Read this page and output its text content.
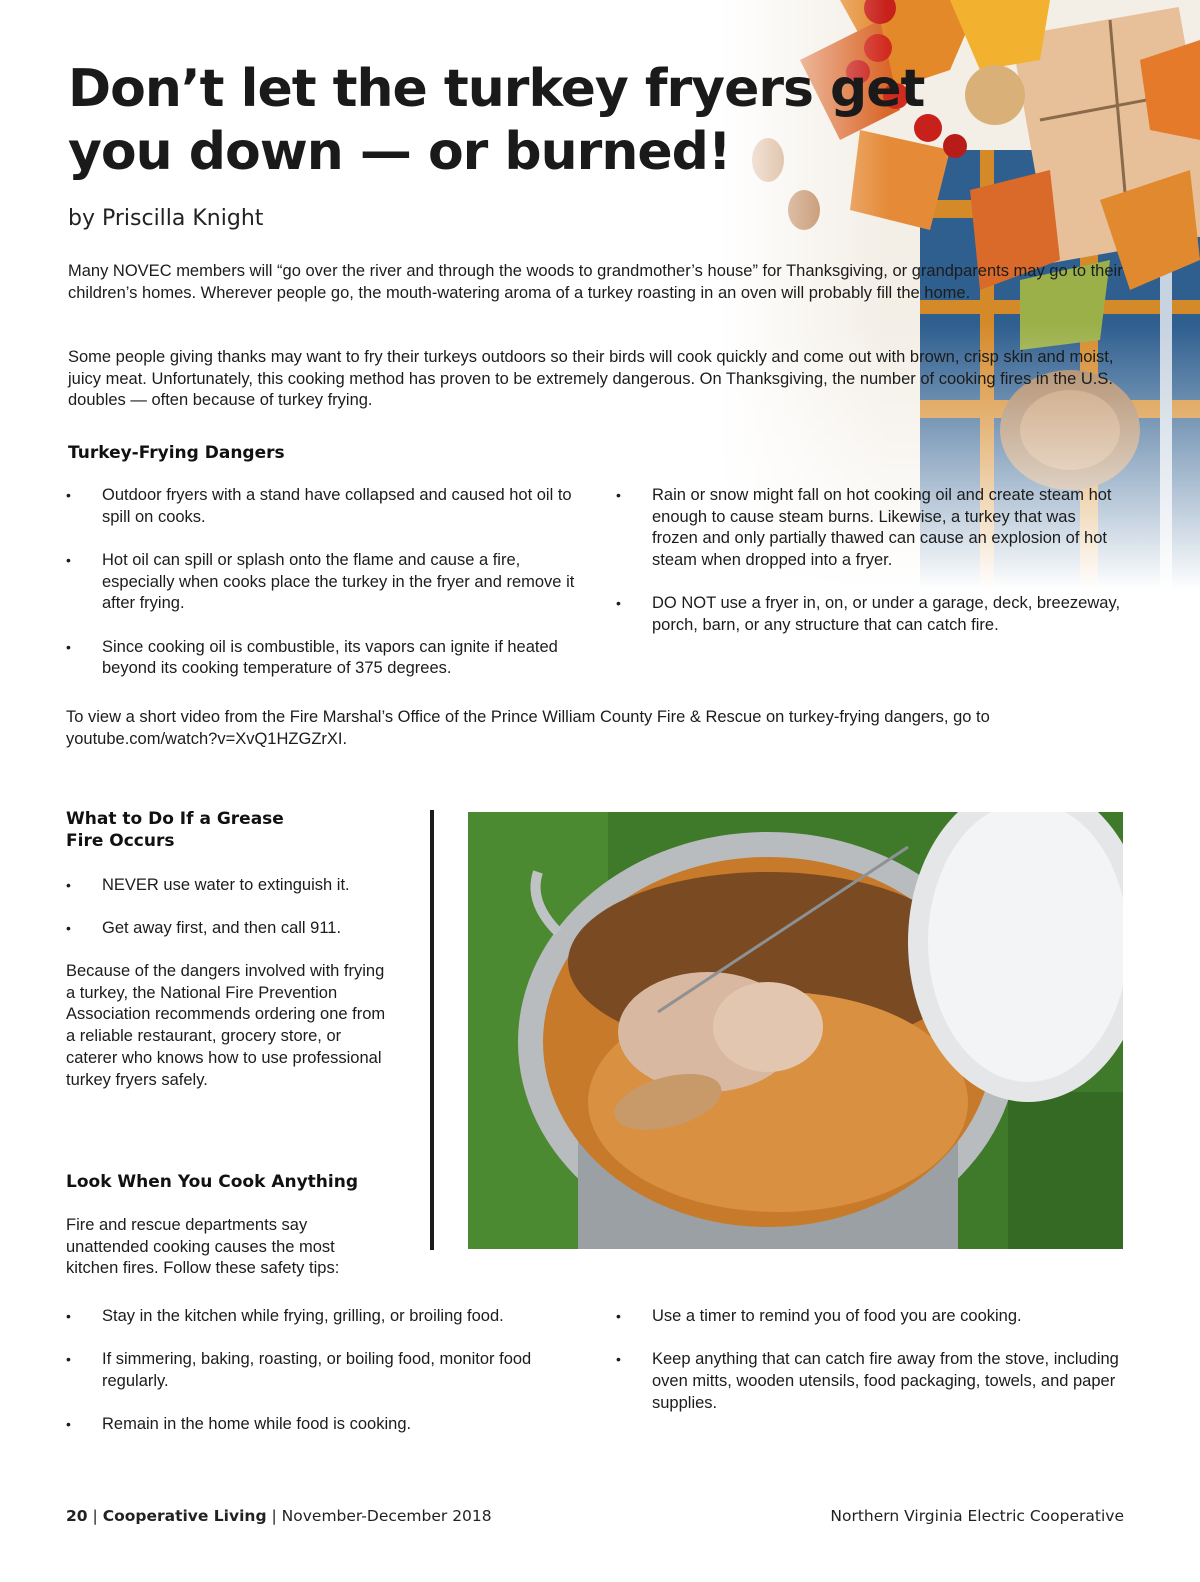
Don’t let the turkey fryers get you down — or burned!

by Priscilla Knight

Many NOVEC members will “go over the river and through the woods to grandmother’s house” for Thanksgiving, or grandparents may go to their children’s homes. Wherever people go, the mouth-watering aroma of a turkey roasting in an oven will probably fill the home.

Some people giving thanks may want to fry their turkeys outdoors so their birds will cook quickly and come out with brown, crisp skin and moist, juicy meat. Unfortunately, this cooking method has proven to be extremely dangerous. On Thanksgiving, the number of cooking fires in the U.S. doubles — often because of turkey frying.

Turkey-Frying Dangers
•	Outdoor fryers with a stand have collapsed and caused hot oil to spill on cooks.
•	Hot oil can spill or splash onto the flame and cause a fire, especially when cooks place the turkey in the fryer and remove it after frying.
•	Since cooking oil is combustible, its vapors can ignite if heated beyond its cooking temperature of 375 degrees.
•	Rain or snow might fall on hot cooking oil and create steam hot enough to cause steam burns. Likewise, a turkey that was frozen and only partially thawed can cause an explosion of hot steam when dropped into a fryer.
•	DO NOT use a fryer in, on, or under a garage, deck, breezeway, porch, barn, or any structure that can catch fire.

To view a short video from the Fire Marshal’s Office of the Prince William County Fire & Rescue on turkey-frying dangers, go to youtube.com/watch?v=XvQ1HZGZrXI.

What to Do If a Grease
Fire Occurs
•	NEVER use water to extinguish it.
•	Get away first, and then call 911.

Because of the dangers involved with frying a turkey, the National Fire Prevention Association recommends ordering one from a reliable restaurant, grocery store, or caterer who knows how to use professional turkey fryers safely.

Look When You Cook Anything

Fire and rescue departments say unattended cooking causes the most kitchen fires. Follow these safety tips:

•	Stay in the kitchen while frying, grilling, or broiling food.
•	If simmering, baking, roasting, or boiling food, monitor food regularly.
•	Remain in the home while food is cooking.
•	Use a timer to remind you of food you are cooking.
•	Keep anything that can catch fire away from the stove, including oven mitts, wooden utensils, food packaging, towels, and paper supplies.
20 | Cooperative Living | November-December 2018	Northern Virginia Electric Cooperative
